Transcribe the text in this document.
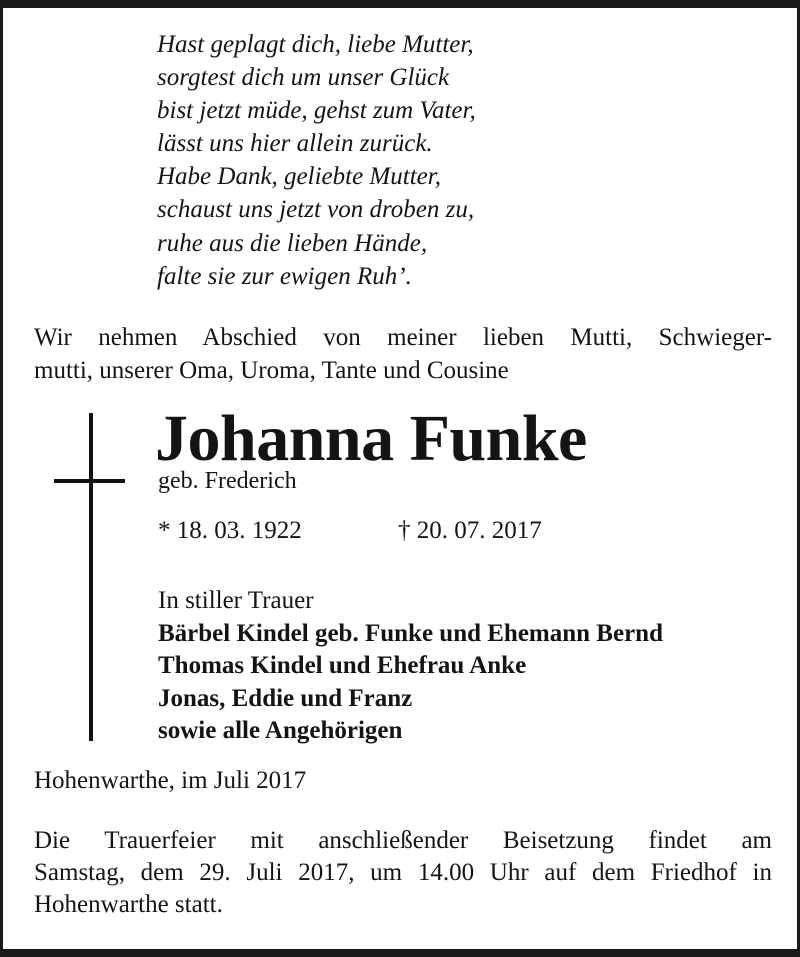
Hast geplagt dich, liebe Mutter,
sorgtest dich um unser Glück
bist jetzt müde, gehst zum Vater,
lässt uns hier allein zurück.
Habe Dank, geliebte Mutter,
schaust uns jetzt von droben zu,
ruhe aus die lieben Hände,
falte sie zur ewigen Ruh’.
Wir nehmen Abschied von meiner lieben Mutti, Schwieger-
mutti, unserer Oma, Uroma, Tante und Cousine
Johanna Funke
geb. Frederich
* 18. 03. 1922	† 20. 07. 2017
In stiller Trauer
Bärbel Kindel geb. Funke und Ehemann Bernd
Thomas Kindel und Ehefrau Anke
Jonas, Eddie und Franz
sowie alle Angehörigen
Hohenwarthe, im Juli 2017
Die Trauerfeier mit anschließender Beisetzung findet am
Samstag, dem 29. Juli 2017, um 14.00 Uhr auf dem Friedhof in
Hohenwarthe statt.
